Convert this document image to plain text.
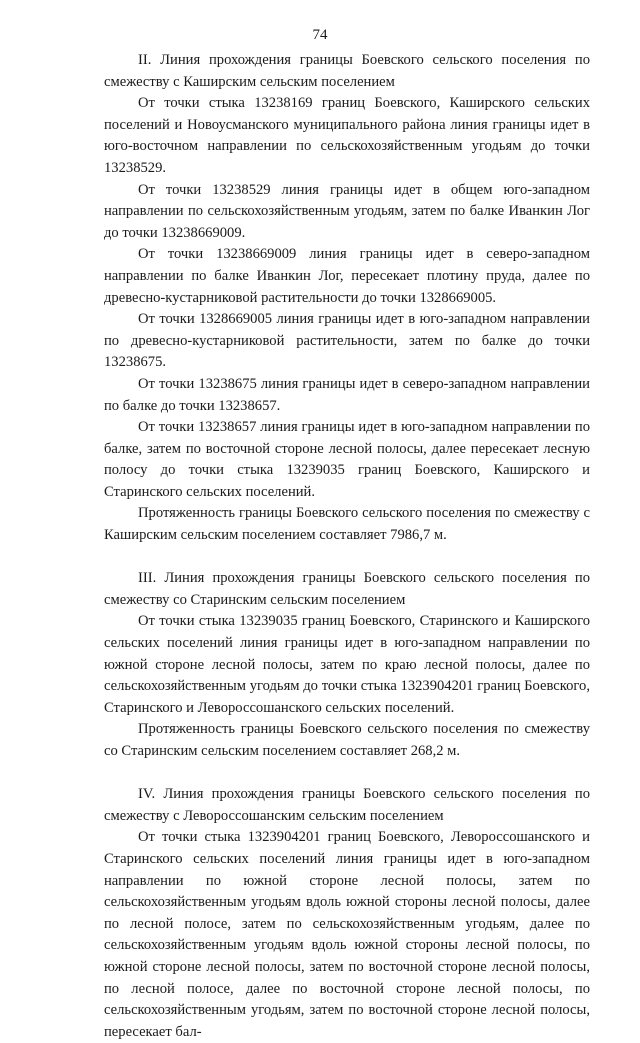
74

II. Линия прохождения границы Боевского сельского поселения по смежеству с Каширским сельским поселением

От точки стыка 13238169 границ Боевского, Каширского сельских поселений и Новоусманского муниципального района линия границы идет в юго-восточном направлении по сельскохозяйственным угодьям до точки 13238529.

От точки 13238529 линия границы идет в общем юго-западном направлении по сельскохозяйственным угодьям, затем по балке Иванкин Лог до точки 13238669009.

От точки 13238669009 линия границы идет в северо-западном направлении по балке Иванкин Лог, пересекает плотину пруда, далее по древесно-кустарниковой растительности до точки 1328669005.

От точки 1328669005 линия границы идет в юго-западном направлении по древесно-кустарниковой растительности, затем по балке до точки 13238675.

От точки 13238675 линия границы идет в северо-западном направлении по балке до точки 13238657.

От точки 13238657 линия границы идет в юго-западном направлении по балке, затем по восточной стороне лесной полосы, далее пересекает лесную полосу до точки стыка 13239035 границ Боевского, Каширского и Старинского сельских поселений.

Протяженность границы Боевского сельского поселения по смежеству с Каширским сельским поселением составляет 7986,7 м.

III. Линия прохождения границы Боевского сельского поселения по смежеству со Старинским сельским поселением

От точки стыка 13239035 границ Боевского, Старинского и Каширского сельских поселений линия границы идет в юго-западном направлении по южной стороне лесной полосы, затем по краю лесной полосы, далее по сельскохозяйственным угодьям до точки стыка 1323904201 границ Боевского, Старинского и Левороссошанского сельских поселений.

Протяженность границы Боевского сельского поселения по смежеству со Старинским сельским поселением составляет 268,2 м.

IV. Линия прохождения границы Боевского сельского поселения по смежеству с Левороссошанским сельским поселением

От точки стыка 1323904201 границ Боевского, Левороссошанского и Старинского сельских поселений линия границы идет в юго-западном направлении по южной стороне лесной полосы, затем по сельскохозяйственным угодьям вдоль южной стороны лесной полосы, далее по лесной полосе, затем по сельскохозяйственным угодьям, далее по сельскохозяйственным угодьям вдоль южной стороны лесной полосы, по южной стороне лесной полосы, затем по восточной стороне лесной полосы, по лесной полосе, далее по восточной стороне лесной полосы, по сельскохозяйственным угодьям, затем по восточной стороне лесной полосы, пересекает бал-
